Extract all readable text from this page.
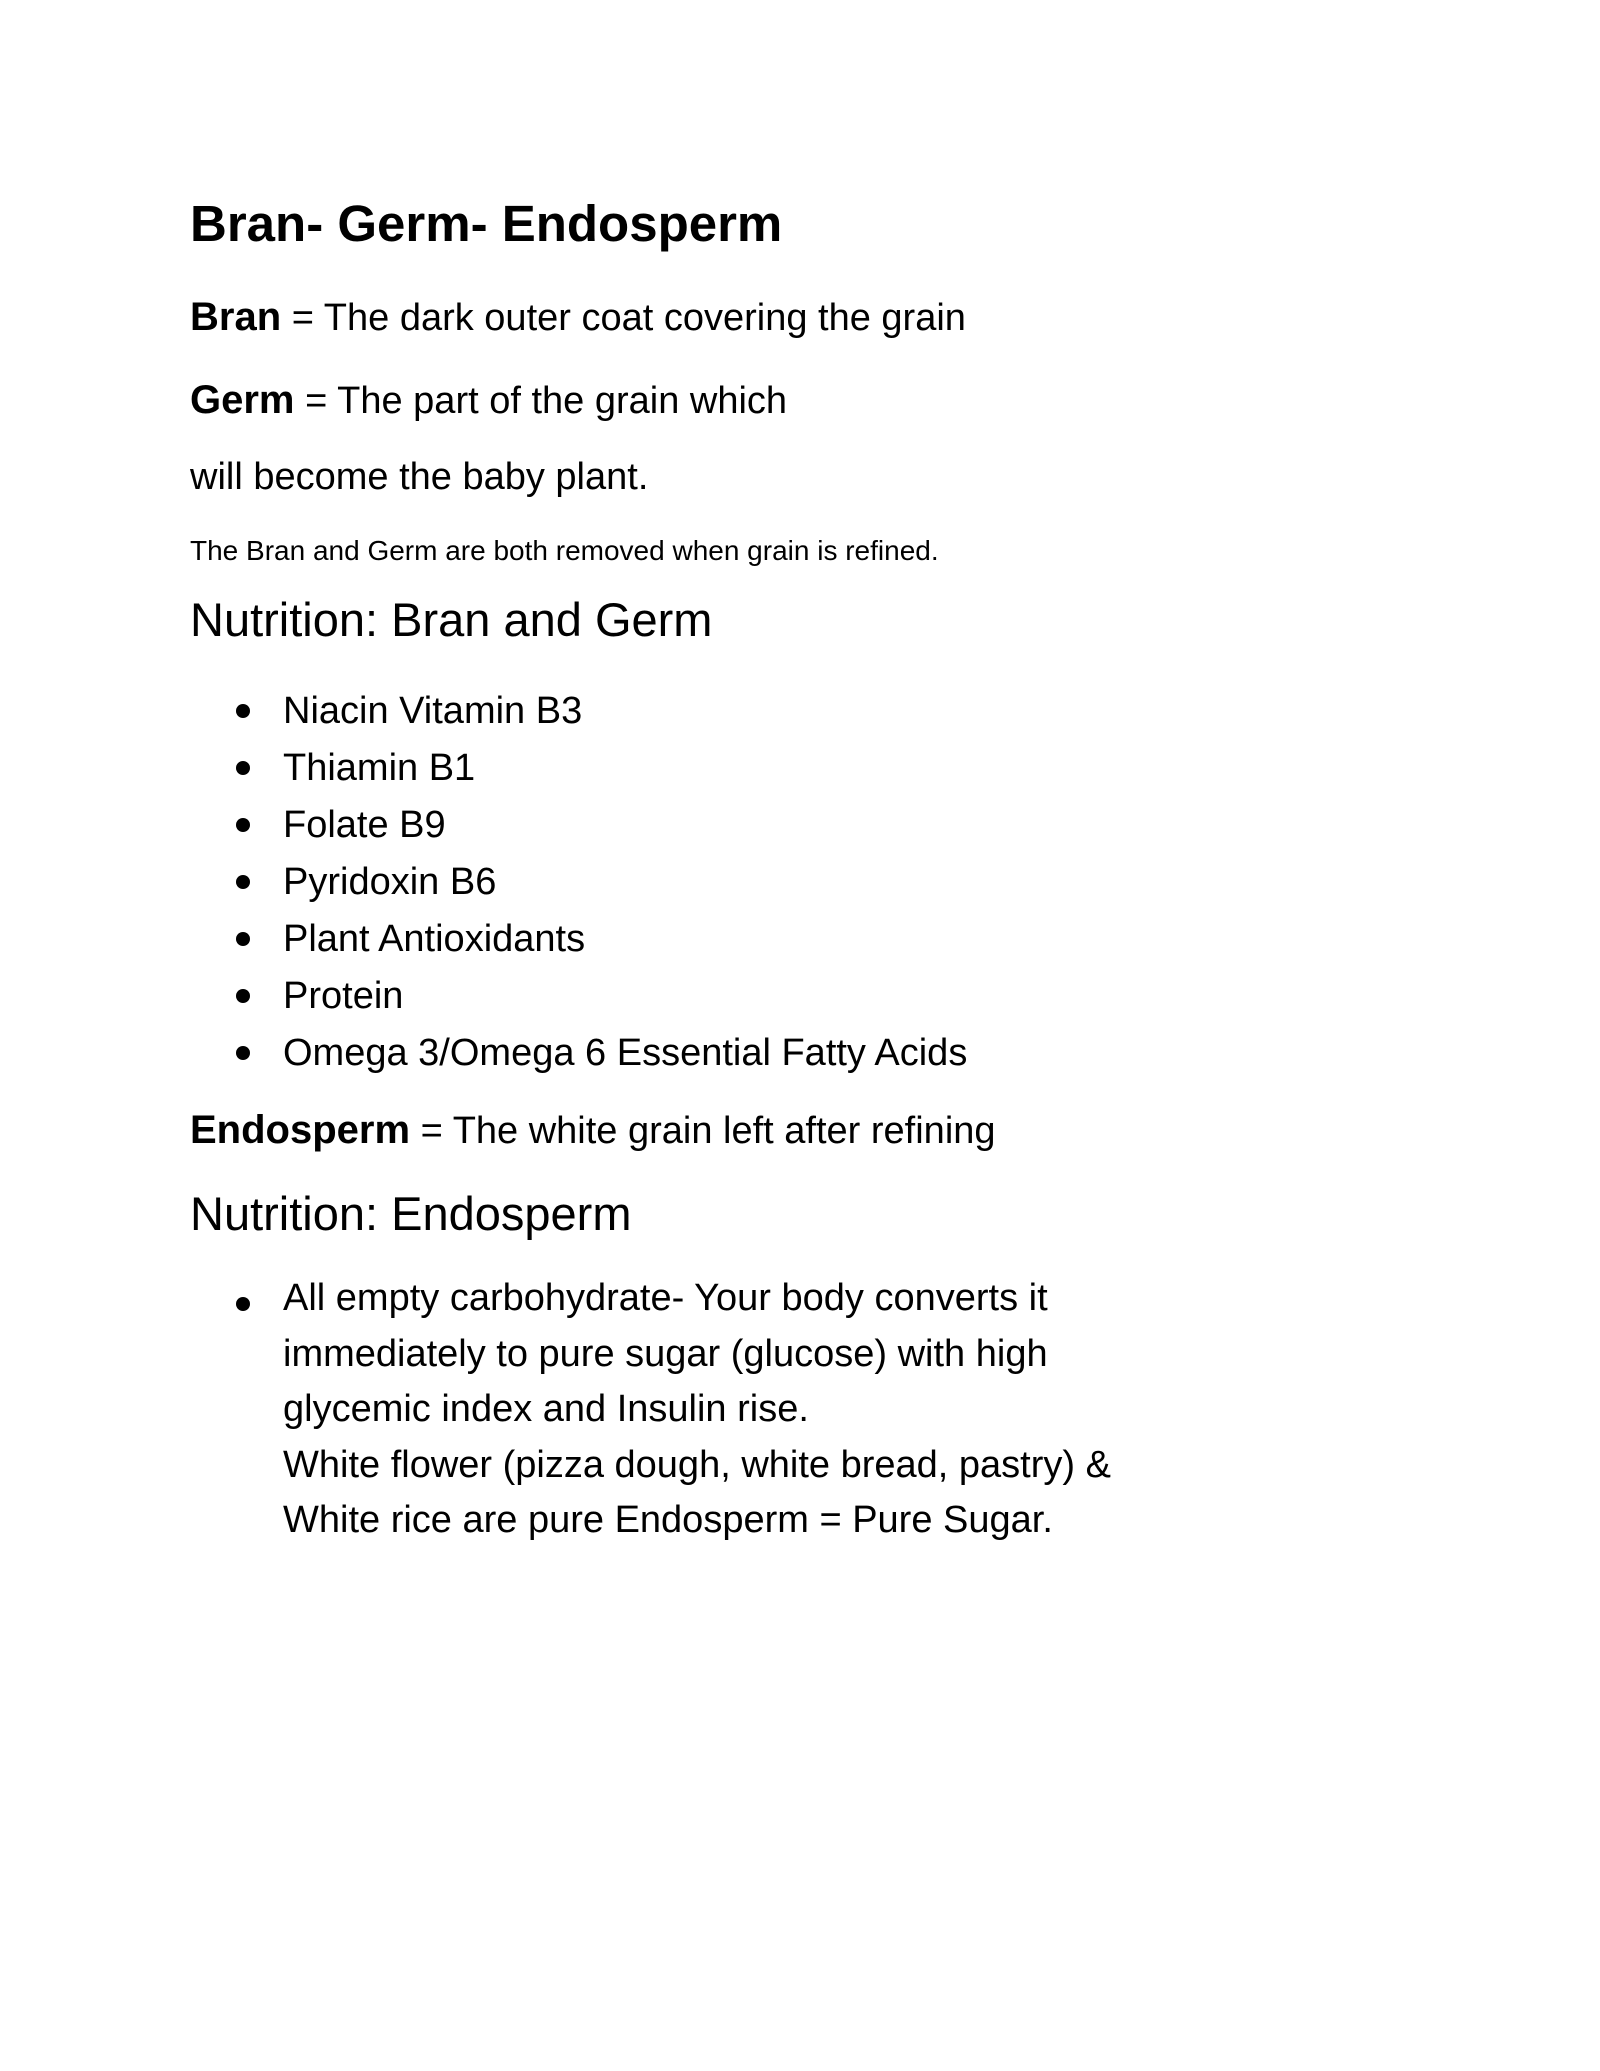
Bran- Germ- Endosperm
Bran = The dark outer coat covering the grain
Germ = The part of the grain which
will become the baby plant.
The Bran and Germ are both removed when grain is refined.
Nutrition: Bran and Germ
Niacin Vitamin B3
Thiamin B1
Folate B9
Pyridoxin B6
Plant Antioxidants
Protein
Omega 3/Omega 6 Essential Fatty Acids
Endosperm = The white grain left after refining
Nutrition: Endosperm
All empty carbohydrate- Your body converts it
immediately to pure sugar (glucose) with high
glycemic index and Insulin rise.
White flower (pizza dough, white bread, pastry) &
White rice are pure Endosperm = Pure Sugar.
